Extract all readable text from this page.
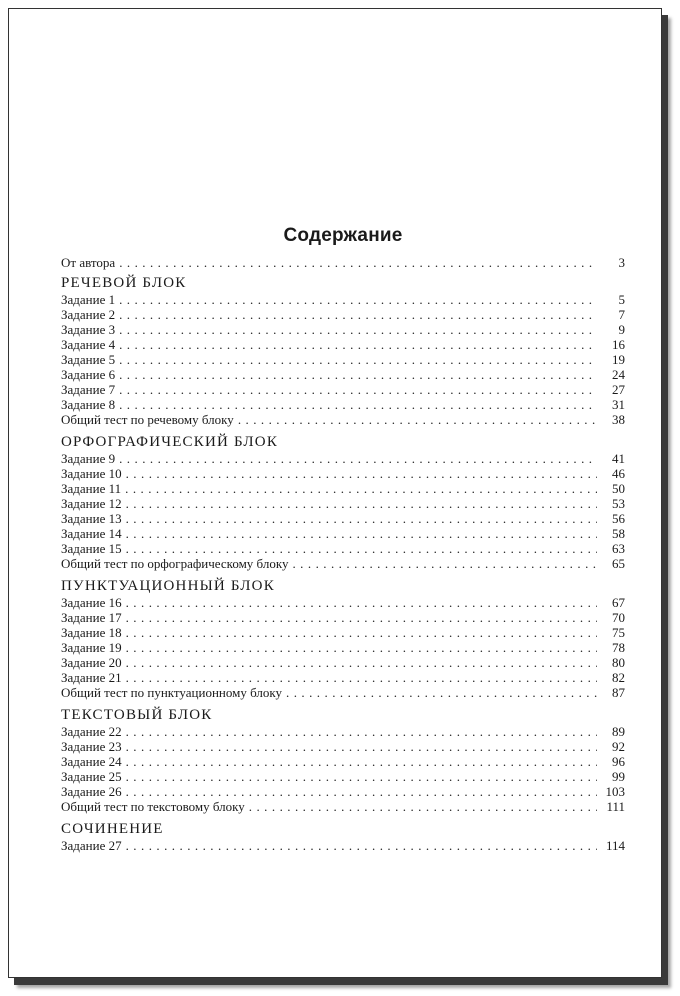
Содержание
От автора . . .	3
РЕЧЕВОЙ БЛОК
Задание 1 . . .	5
Задание 2 . . .	7
Задание 3 . . .	9
Задание 4 . . .	16
Задание 5 . . .	19
Задание 6 . . .	24
Задание 7 . . .	27
Задание 8 . . .	31
Общий тест по речевому блоку . . .	38
ОРФОГРАФИЧЕСКИЙ БЛОК
Задание 9 . . .	41
Задание 10 . . .	46
Задание 11 . . .	50
Задание 12 . . .	53
Задание 13 . . .	56
Задание 14 . . .	58
Задание 15 . . .	63
Общий тест по орфографическому блоку . . .	65
ПУНКТУАЦИОННЫЙ БЛОК
Задание 16 . . .	67
Задание 17 . . .	70
Задание 18 . . .	75
Задание 19 . . .	78
Задание 20 . . .	80
Задание 21 . . .	82
Общий тест по пунктуационному блоку . . .	87
ТЕКСТОВЫЙ БЛОК
Задание 22 . . .	89
Задание 23 . . .	92
Задание 24 . . .	96
Задание 25 . . .	99
Задание 26 . . .	103
Общий тест по текстовому блоку . . .	111
СОЧИНЕНИЕ
Задание 27 . . .	114
